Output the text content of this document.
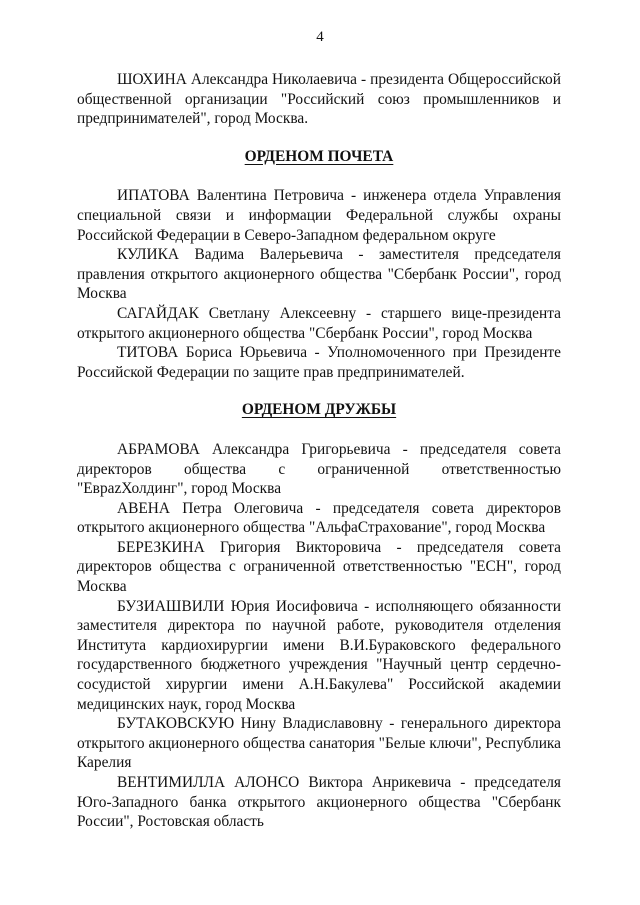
4

ШОХИНА Александра Николаевича - президента Общероссийской общественной организации "Российский союз промышленников и предпринимателей", город Москва.

ОРДЕНОМ ПОЧЕТА

ИПАТОВА Валентина Петровича - инженера отдела Управления специальной связи и информации Федеральной службы охраны Российской Федерации в Северо-Западном федеральном округе

КУЛИКА Вадима Валерьевича - заместителя председателя правления открытого акционерного общества "Сбербанк России", город Москва

САГАЙДАК Светлану Алексеевну - старшего вице-президента открытого акционерного общества "Сбербанк России", город Москва

ТИТОВА Бориса Юрьевича - Уполномоченного при Президенте Российской Федерации по защите прав предпринимателей.

ОРДЕНОМ ДРУЖБЫ

АБРАМОВА Александра Григорьевича - председателя совета директоров общества с ограниченной ответственностью "ЕврazХолдинг", город Москва

АВЕНА Петра Олеговича - председателя совета директоров открытого акционерного общества "АльфаСтрахование", город Москва

БЕРЕЗКИНА Григория Викторовича - председателя совета директоров общества с ограниченной ответственностью "ЕСН", город Москва

БУЗИАШВИЛИ Юрия Иосифовича - исполняющего обязанности заместителя директора по научной работе, руководителя отделения Института кардиохирургии имени В.И.Бураковского федерального государственного бюджетного учреждения "Научный центр сердечно-сосудистой хирургии имени А.Н.Бакулева" Российской академии медицинских наук, город Москва

БУТАКОВСКУЮ Нину Владиславовну - генерального директора открытого акционерного общества санатория "Белые ключи", Республика Карелия

ВЕНТИМИЛЛА АЛОНСО Виктора Анрикевича - председателя Юго-Западного банка открытого акционерного общества "Сбербанк России", Ростовская область
